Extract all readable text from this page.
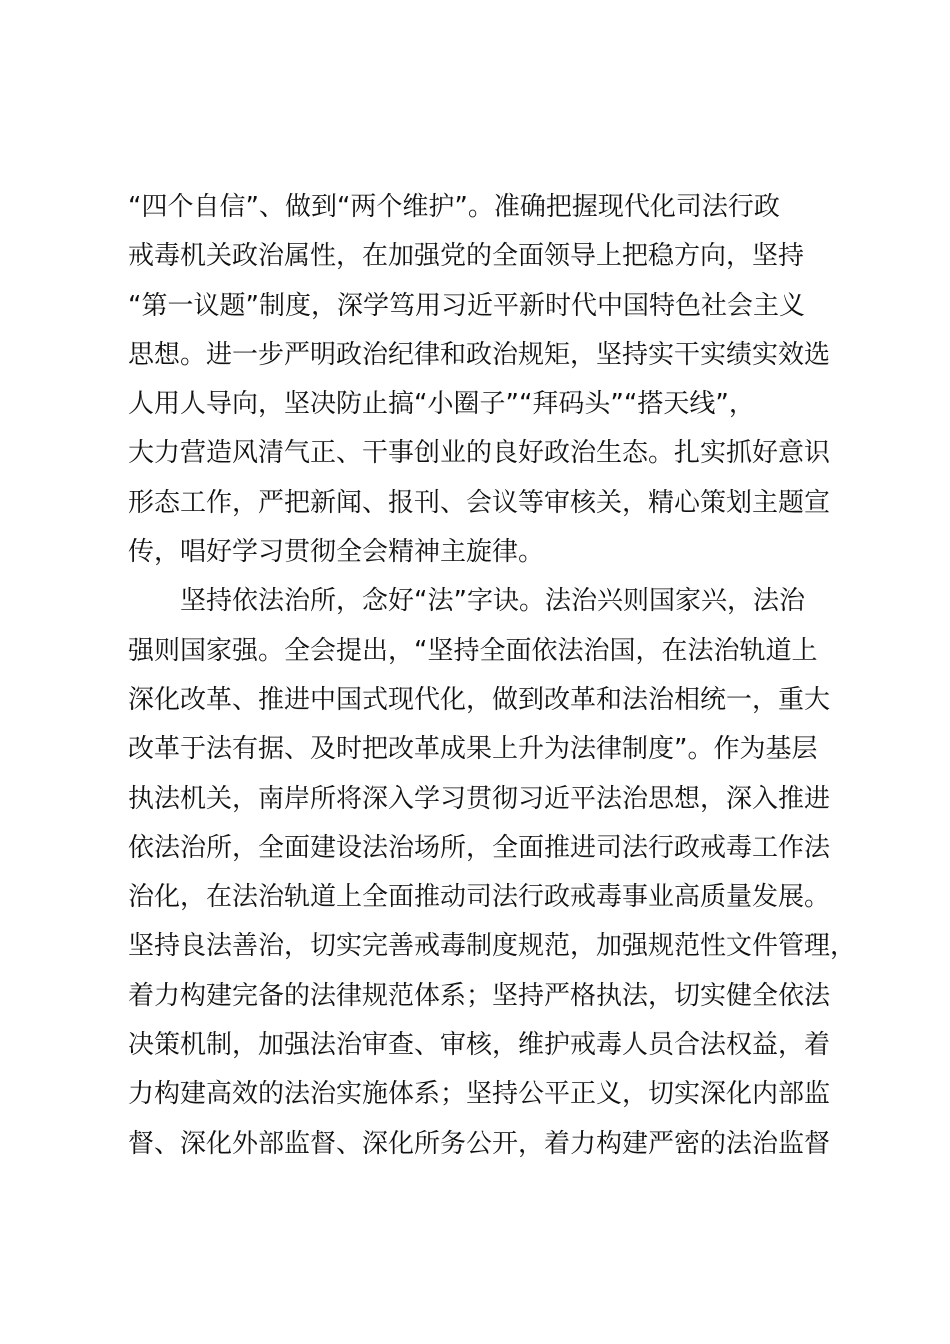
“四个自信”、做到“两个维护”。准确把握现代化司法行政
戒毒机关政治属性，在加强党的全面领导上把稳方向，坚持
“第一议题”制度，深学笃用习近平新时代中国特色社会主义
思想。进一步严明政治纪律和政治规矩，坚持实干实绩实效选
人用人导向，坚决防止搞“小圈子”“拜码头”“搭天线”，
大力营造风清气正、干事创业的良好政治生态。扎实抓好意识
形态工作，严把新闻、报刊、会议等审核关，精心策划主题宣
传，唱好学习贯彻全会精神主旋律。
　　坚持依法治所，念好“法”字诀。法治兴则国家兴，法治
强则国家强。全会提出，“坚持全面依法治国，在法治轨道上
深化改革、推进中国式现代化，做到改革和法治相统一，重大
改革于法有据、及时把改革成果上升为法律制度”。作为基层
执法机关，南岸所将深入学习贯彻习近平法治思想，深入推进
依法治所，全面建设法治场所，全面推进司法行政戒毒工作法
治化，在法治轨道上全面推动司法行政戒毒事业高质量发展。
坚持良法善治，切实完善戒毒制度规范，加强规范性文件管理，
着力构建完备的法律规范体系；坚持严格执法，切实健全依法
决策机制，加强法治审查、审核，维护戒毒人员合法权益，着
力构建高效的法治实施体系；坚持公平正义，切实深化内部监
督、深化外部监督、深化所务公开，着力构建严密的法治监督
